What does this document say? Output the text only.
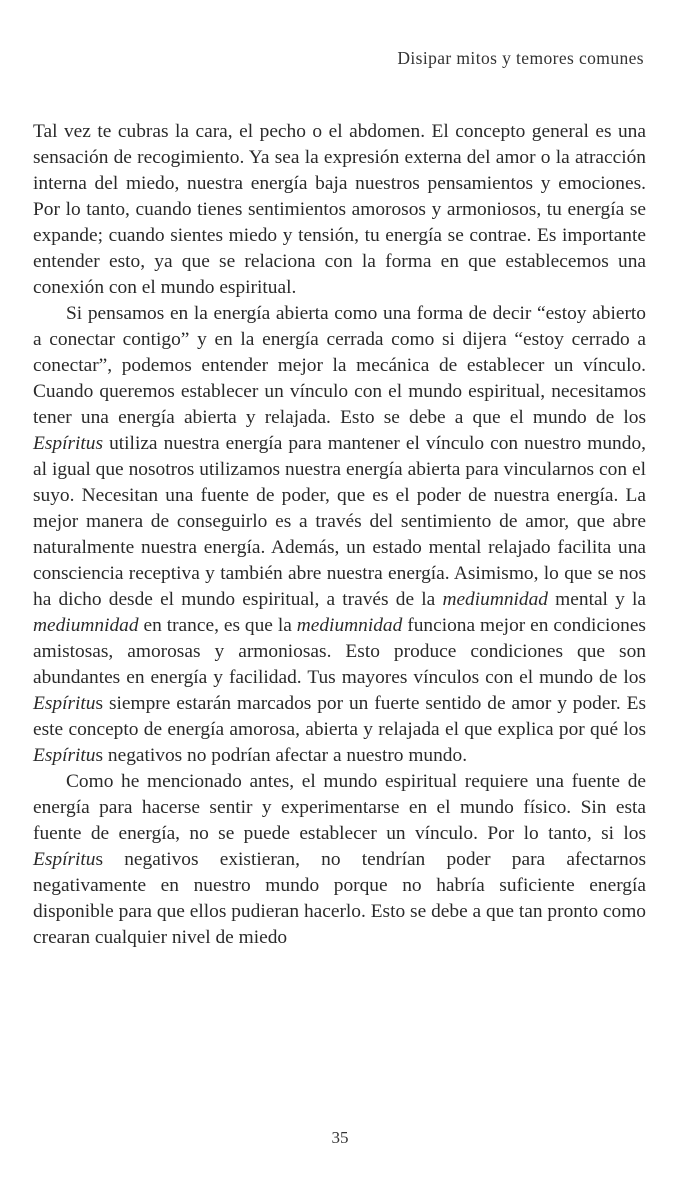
Disipar mitos y temores comunes

Tal vez te cubras la cara, el pecho o el abdomen. El concepto general es una sensación de recogimiento. Ya sea la expresión externa del amor o la atracción interna del miedo, nuestra energía baja nuestros pensamientos y emociones. Por lo tanto, cuando tienes sentimientos amorosos y armoniosos, tu energía se expande; cuando sientes miedo y tensión, tu energía se contrae. Es importante entender esto, ya que se relaciona con la forma en que establecemos una conexión con el mundo espiritual.

Si pensamos en la energía abierta como una forma de decir “estoy abierto a conectar contigo” y en la energía cerrada como si dijera “estoy cerrado a conectar”, podemos entender mejor la mecánica de establecer un vínculo. Cuando queremos establecer un vínculo con el mundo espiritual, necesitamos tener una energía abierta y relajada. Esto se debe a que el mundo de los Espíritus utiliza nuestra energía para mantener el vínculo con nuestro mundo, al igual que nosotros utilizamos nuestra energía abierta para vincularnos con el suyo. Necesitan una fuente de poder, que es el poder de nuestra energía. La mejor manera de conseguirlo es a través del sentimiento de amor, que abre naturalmente nuestra energía. Además, un estado mental relajado facilita una consciencia receptiva y también abre nuestra energía. Asimismo, lo que se nos ha dicho desde el mundo espiritual, a través de la mediumnidad mental y la mediumnidad en trance, es que la mediumnidad funciona mejor en condiciones amistosas, amorosas y armoniosas. Esto produce condiciones que son abundantes en energía y facilidad. Tus mayores vínculos con el mundo de los Espíritus siempre estarán marcados por un fuerte sentido de amor y poder. Es este concepto de energía amorosa, abierta y relajada el que explica por qué los Espíritus negativos no podrían afectar a nuestro mundo.

Como he mencionado antes, el mundo espiritual requiere una fuente de energía para hacerse sentir y experimentarse en el mundo físico. Sin esta fuente de energía, no se puede establecer un vínculo. Por lo tanto, si los Espíritus negativos existieran, no tendrían poder para afectarnos negativamente en nuestro mundo porque no habría suficiente energía disponible para que ellos pudieran hacerlo. Esto se debe a que tan pronto como crearan cualquier nivel de miedo

35
